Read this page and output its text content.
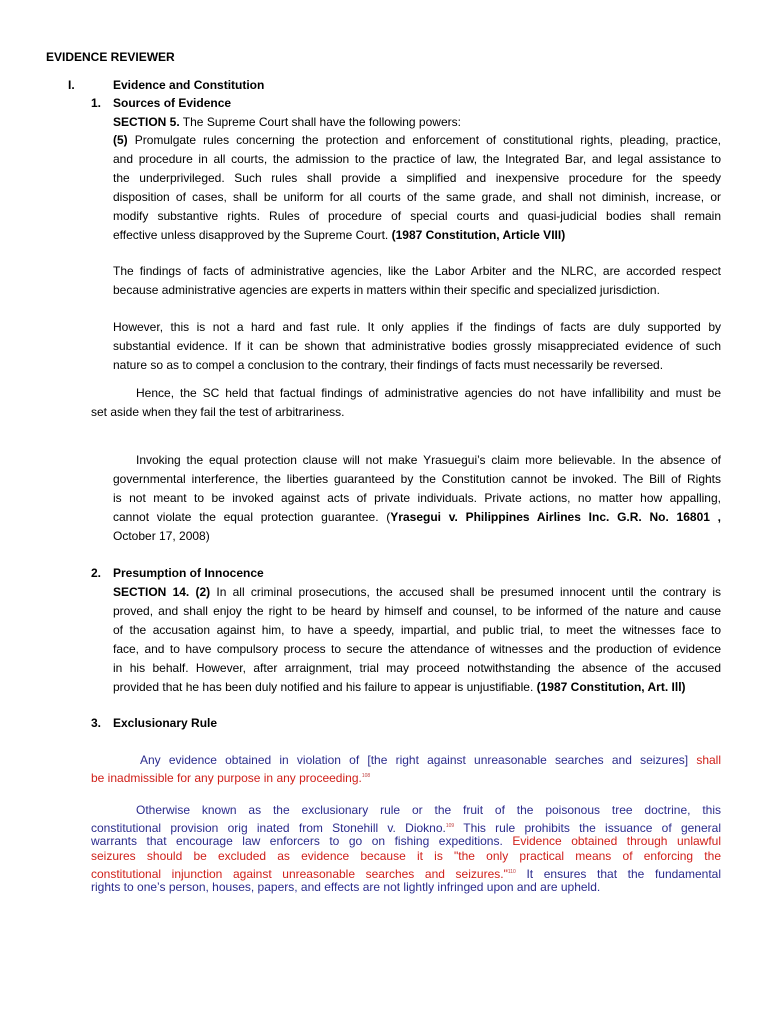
EVIDENCE REVIEWER
I.	Evidence and Constitution
1. Sources of Evidence
SECTION 5. The Supreme Court shall have the following powers:
(5) Promulgate rules concerning the protection and enforcement of constitutional rights, pleading, practice,
and procedure in all courts, the admission to the practice of law, the Integrated Bar, and legal assistance to
the underprivileged. Such rules shall provide a simplified and inexpensive procedure for the speedy
disposition of cases, shall be uniform for all courts of the same grade, and shall not diminish, increase, or
modify substantive rights. Rules of procedure of special courts and quasi-judicial bodies shall remain
effective unless disapproved by the Supreme Court. (1987 Constitution, Article VIII)
The findings of facts of administrative agencies, like the Labor Arbiter and the NLRC, are accorded respect
because administrative agencies are experts in matters within their specific and specialized jurisdiction.
However, this is not a hard and fast rule. It only applies if the findings of facts are duly supported by
substantial evidence. If it can be shown that administrative bodies grossly misappreciated evidence of such
nature so as to compel a conclusion to the contrary, their findings of facts must necessarily be reversed.
Hence, the SC held that factual findings of administrative agencies do not have infallibility and must be
set aside when they fail the test of arbitrariness.
Invoking the equal protection clause will not make Yrasuegui’s claim more believable. In the absence of
governmental interference, the liberties guaranteed by the Constitution cannot be invoked. The Bill of Rights
is not meant to be invoked against acts of private individuals. Private actions, no matter how appalling,
cannot violate the equal protection guarantee. (Yrasegui v. Philippines Airlines Inc. G.R. No. 16801 ,
October 17, 2008)
2. Presumption of Innocence
SECTION 14. (2) In all criminal prosecutions, the accused shall be presumed innocent until the contrary is
proved, and shall enjoy the right to be heard by himself and counsel, to be informed of the nature and cause
of the accusation against him, to have a speedy, impartial, and public trial, to meet the witnesses face to
face, and to have compulsory process to secure the attendance of witnesses and the production of evidence
in his behalf. However, after arraignment, trial may proceed notwithstanding the absence of the accused
provided that he has been duly notified and his failure to appear is unjustifiable. (1987 Constitution, Art. Ill)
3. Exclusionary Rule
Any evidence obtained in violation of [the right against unreasonable searches and seizures] shall
be inadmissible for any purpose in any proceeding.$^{108}$
Otherwise known as the exclusionary rule or the fruit of the poisonous tree doctrine, this
constitutional provision orig inated from Stonehill v. Diokno.$^{109}$ This rule prohibits the issuance of general
warrants that encourage law enforcers to go on fishing expeditions. Evidence obtained through unlawful
seizures should be excluded as evidence because it is "the only practical means of enforcing the
constitutional injunction against unreasonable searches and seizures."$^{110}$ It ensures that the fundamental
rights to one’s person, houses, papers, and effects are not lightly infringed upon and are upheld.
